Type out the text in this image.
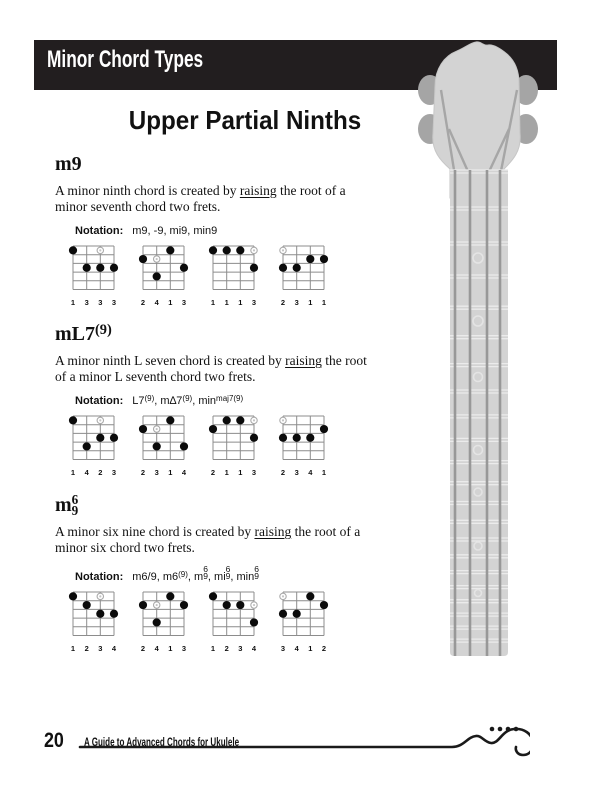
Minor Chord Types
Upper Partial Ninths
m9

A minor ninth chord is created by raising the root of a
minor seventh chord two frets.

Notation: m9, -9, mi9, min9
1 3 3 3	2 4 1 3	1 1 1 3	2 3 1 1
mL7$^{(9)}$

A minor ninth L seven chord is created by raising the root
of a minor L seventh chord two frets.

Notation: L7$^{(9)}$, m∆7$^{(9)}$, $\min^{maj7(9)}$
1 4 2 3	2 3 1 4	2 1 1 3	2 3 4 1
m 6
9

A minor six nine chord is created by raising the root of a
minor six chord two frets.

Notation: m6/9, m6$^{(9)}$, m
6
9 , mi
6
9 , min
6
9
1 2 3 4	2 4 1 3	1 2 3 4	3 4 1 2
20 A Guide to Advanced Chords for Ukulele
